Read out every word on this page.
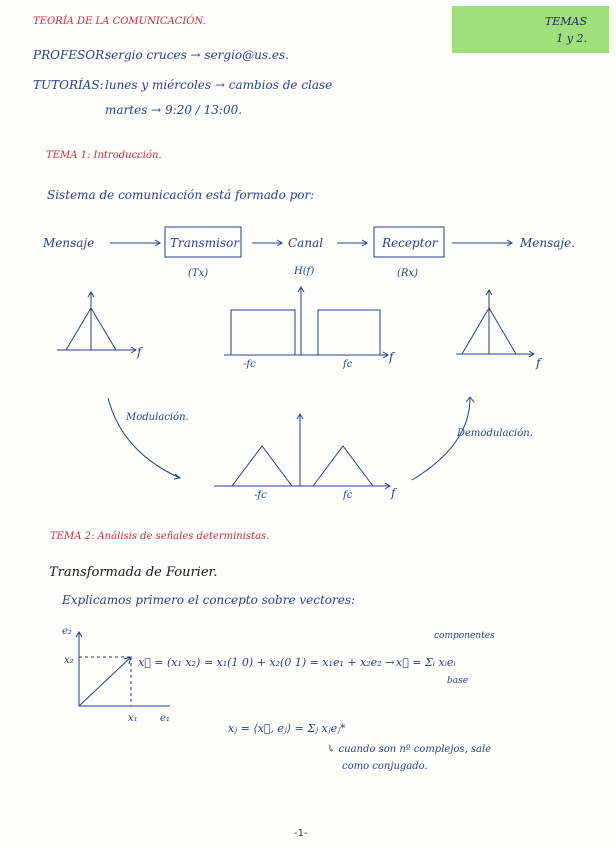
TEMAS
1 y 2.
TEORÍA DE LA COMUNICACIÓN.
PROFESOR:
sergio cruces → sergio@us.es.
TUTORÍAS: lunes y miércoles → cambios de clase
martes → 9:20 / 13:00.
TEMA 1: Introducción.
Sistema de comunicación está formado por:
Mensaje	Transmisor	Canal	Receptor	Mensaje.
(Tx)	H(f)	(Rx)
f
-fc	fc
f	f
Modulación.
Demodulación.
-fc	fc	f
TEMA 2: Análisis de señales deterministas.
Transformada de Fourier.
Explicamos primero el concepto sobre vectores:
e₂
x₂
x₁ e₁
x⃗ = (x₁ x₂) = x₁(1 0) + x₂(0 1) = x₁e₁ + x₂e₂ → x⃗ = Σᵢ xᵢeᵢ
componentes
base
xⱼ = ⟨x⃗, eⱼ⟩ = Σⱼ xⱼeⱼ*
↳ cuando son nº complejos, sale
como conjugado.
-1-
